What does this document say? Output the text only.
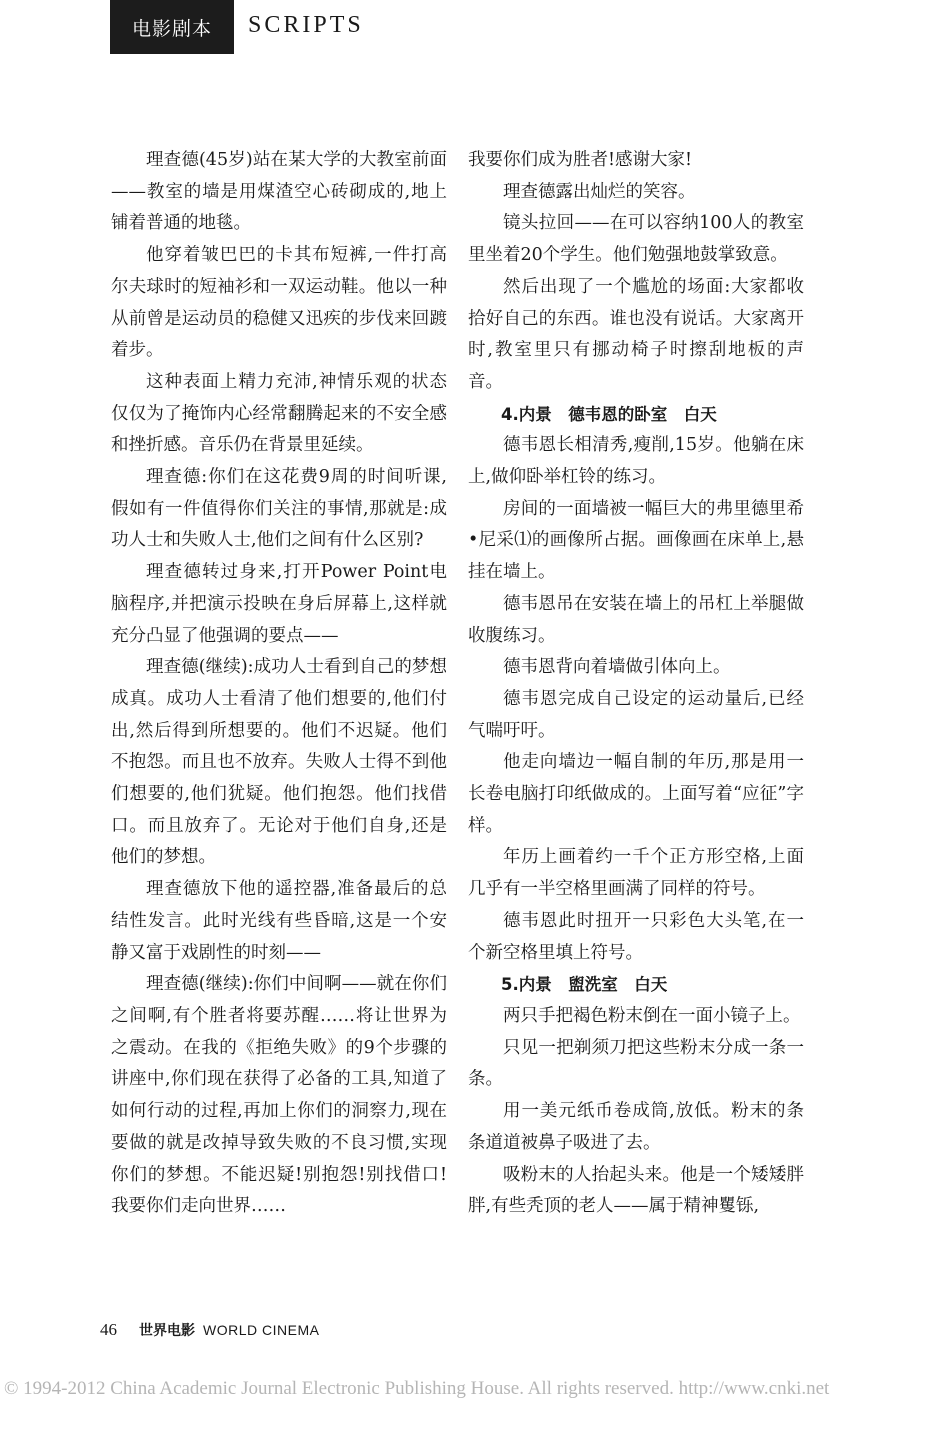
电影剧本	SCRIPTS

理查德(45岁)站在某大学的大教室前面——教室的墙是用煤渣空心砖砌成的,地上铺着普通的地毯。

他穿着皱巴巴的卡其布短裤,一件打高尔夫球时的短袖衫和一双运动鞋。他以一种从前曾是运动员的稳健又迅疾的步伐来回踱着步。

这种表面上精力充沛,神情乐观的状态仅仅为了掩饰内心经常翻腾起来的不安全感和挫折感。音乐仍在背景里延续。

理查德:你们在这花费9周的时间听课,假如有一件值得你们关注的事情,那就是:成功人士和失败人士,他们之间有什么区别?

理查德转过身来,打开Power Point电脑程序,并把演示投映在身后屏幕上,这样就充分凸显了他强调的要点——

理查德(继续):成功人士看到自己的梦想成真。成功人士看清了他们想要的,他们付出,然后得到所想要的。他们不迟疑。他们不抱怨。而且也不放弃。失败人士得不到他们想要的,他们犹疑。他们抱怨。他们找借口。而且放弃了。无论对于他们自身,还是他们的梦想。

理查德放下他的遥控器,准备最后的总结性发言。此时光线有些昏暗,这是一个安静又富于戏剧性的时刻——

理查德(继续):你们中间啊——就在你们之间啊,有个胜者将要苏醒……将让世界为之震动。在我的《拒绝失败》的9个步骤的讲座中,你们现在获得了必备的工具,知道了如何行动的过程,再加上你们的洞察力,现在要做的就是改掉导致失败的不良习惯,实现你们的梦想。不能迟疑!别抱怨!别找借口!我要你们走向世界……

我要你们成为胜者!感谢大家!

理查德露出灿烂的笑容。

镜头拉回——在可以容纳100人的教室里坐着20个学生。他们勉强地鼓掌致意。

然后出现了一个尴尬的场面:大家都收拾好自己的东西。谁也没有说话。大家离开时,教室里只有挪动椅子时擦刮地板的声音。

4.内景　德韦恩的卧室　白天

德韦恩长相清秀,瘦削,15岁。他躺在床上,做仰卧举杠铃的练习。

房间的一面墙被一幅巨大的弗里德里希•尼采⑴的画像所占据。画像画在床单上,悬挂在墙上。

德韦恩吊在安装在墙上的吊杠上举腿做收腹练习。

德韦恩背向着墙做引体向上。

德韦恩完成自己设定的运动量后,已经气喘吁吁。

他走向墙边一幅自制的年历,那是用一长卷电脑打印纸做成的。上面写着“应征”字样。

年历上画着约一千个正方形空格,上面几乎有一半空格里画满了同样的符号。

德韦恩此时扭开一只彩色大头笔,在一个新空格里填上符号。

5.内景　盥洗室　白天

两只手把褐色粉末倒在一面小镜子上。

只见一把剃须刀把这些粉末分成一条一条。

用一美元纸币卷成筒,放低。粉末的条条道道被鼻子吸进了去。

吸粉末的人抬起头来。他是一个矮矮胖胖,有些秃顶的老人——属于精神矍铄,

46 世界电影 WORLD CINEMA
© 1994-2012 China Academic Journal Electronic Publishing House. All rights reserved. http://www.cnki.net
